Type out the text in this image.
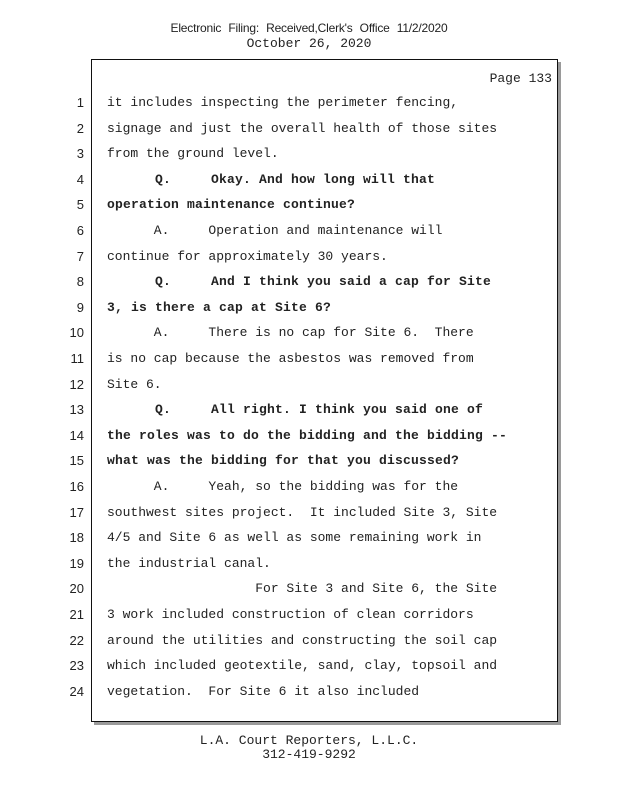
Electronic Filing: Received,Clerk's Office 11/2/2020
October 26, 2020
Page 133
1 it includes inspecting the perimeter fencing,
2 signage and just the overall health of those sites
3 from the ground level.
4 Q.     Okay. And how long will that
5 operation maintenance continue?
6 A.     Operation and maintenance will
7 continue for approximately 30 years.
8 Q.     And I think you said a cap for Site
9 3, is there a cap at Site 6?
10 A.     There is no cap for Site 6.  There
11 is no cap because the asbestos was removed from
12 Site 6.
13 Q.     All right. I think you said one of
14 the roles was to do the bidding and the bidding --
15 what was the bidding for that you discussed?
16 A.     Yeah, so the bidding was for the
17 southwest sites project.  It included Site 3, Site
18 4/5 and Site 6 as well as some remaining work in
19 the industrial canal.
20 For Site 3 and Site 6, the Site
21 3 work included construction of clean corridors
22 around the utilities and constructing the soil cap
23 which included geotextile, sand, clay, topsoil and
24 vegetation.  For Site 6 it also included
L.A. Court Reporters, L.L.C.
312-419-9292
